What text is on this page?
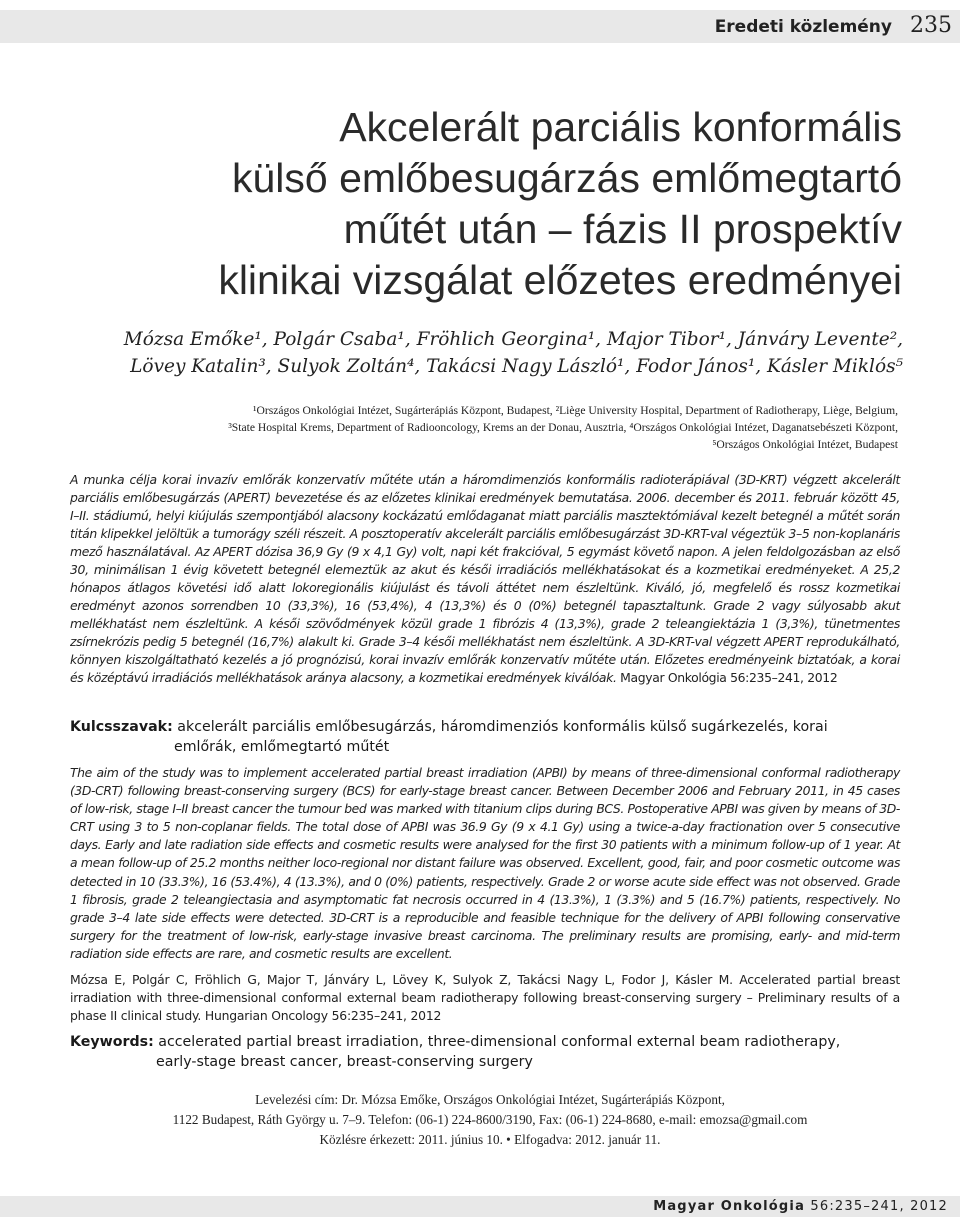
Eredeti közlemény 235
Akcelerált parciális konformális
külső emlőbesugárzás emlőmegtartó
műtét után – fázis II prospektív
klinikai vizsgálat előzetes eredményei
Mózsa Emőke¹, Polgár Csaba¹, Fröhlich Georgina¹, Major Tibor¹, Jánváry Levente²,
Lövey Katalin³, Sulyok Zoltán⁴, Takácsi Nagy László¹, Fodor János¹, Kásler Miklós⁵
¹Országos Onkológiai Intézet, Sugárterápiás Központ, Budapest, ²Liège University Hospital, Department of Radiotherapy, Liège, Belgium,
³State Hospital Krems, Department of Radiooncology, Krems an der Donau, Ausztria, ⁴Országos Onkológiai Intézet, Daganatsebészeti Központ,
⁵Országos Onkológiai Intézet, Budapest
A munka célja korai invazív emlőrák konzervatív műtéte után a háromdimenziós konformális radioterápiával (3D-KRT) végzett akcelerált parciális emlőbesugárzás (APERT) bevezetése és az előzetes klinikai eredmények bemutatása. 2006. december és 2011. február között 45, I–II. stádiumú, helyi kiújulás szempontjából alacsony kockázatú emlődaganat miatt parciális masztektómiával kezelt betegnél a műtét során titán klipekkel jelöltük a tumorágy széli részeit. A posztoperatív akcelerált parciális emlőbesugárzást 3D-KRT-val végeztük 3–5 non-koplanáris mező használatával. Az APERT dózisa 36,9 Gy (9 x 4,1 Gy) volt, napi két frakcióval, 5 egymást követő napon. A jelen feldolgozásban az első 30, minimálisan 1 évig követett betegnél elemeztük az akut és késői irradiációs mellékhatásokat és a kozmetikai eredményeket. A 25,2 hónapos átlagos követési idő alatt lokoregionális kiújulást és távoli áttétet nem észleltünk. Kiváló, jó, megfelelő és rossz kozmetikai eredményt azonos sorrendben 10 (33,3%), 16 (53,4%), 4 (13,3%) és 0 (0%) betegnél tapasztaltunk. Grade 2 vagy súlyosabb akut mellékhatást nem észleltünk. A késői szövődmények közül grade 1 fibrózis 4 (13,3%), grade 2 teleangiektázia 1 (3,3%), tünetmentes zsírnekrózis pedig 5 betegnél (16,7%) alakult ki. Grade 3–4 késői mellékhatást nem észleltünk. A 3D-KRT-val végzett APERT reprodukálható, könnyen kiszolgáltatható kezelés a jó prognózisú, korai invazív emlőrák konzervatív műtéte után. Előzetes eredményeink biztatóak, a korai és középtávú irradiációs mellékhatások aránya alacsony, a kozmetikai eredmények kiválóak. Magyar Onkológia 56:235–241, 2012
Kulcsszavak: akcelerált parciális emlőbesugárzás, háromdimenziós konformális külső sugárkezelés, korai
emlőrák, emlőmegtartó műtét
The aim of the study was to implement accelerated partial breast irradiation (APBI) by means of three-dimensional conformal radiotherapy (3D-CRT) following breast-conserving surgery (BCS) for early-stage breast cancer. Between December 2006 and February 2011, in 45 cases of low-risk, stage I–II breast cancer the tumour bed was marked with titanium clips during BCS. Postoperative APBI was given by means of 3D-CRT using 3 to 5 non-coplanar fields. The total dose of APBI was 36.9 Gy (9 x 4.1 Gy) using a twice-a-day fractionation over 5 consecutive days. Early and late radiation side effects and cosmetic results were analysed for the first 30 patients with a minimum follow-up of 1 year. At a mean follow-up of 25.2 months neither loco-regional nor distant failure was observed. Excellent, good, fair, and poor cosmetic outcome was detected in 10 (33.3%), 16 (53.4%), 4 (13.3%), and 0 (0%) patients, respectively. Grade 2 or worse acute side effect was not observed. Grade 1 fibrosis, grade 2 teleangiectasia and asymptomatic fat necrosis occurred in 4 (13.3%), 1 (3.3%) and 5 (16.7%) patients, respectively. No grade 3–4 late side effects were detected. 3D-CRT is a reproducible and feasible technique for the delivery of APBI following conservative surgery for the treatment of low-risk, early-stage invasive breast carcinoma. The preliminary results are promising, early- and mid-term radiation side effects are rare, and cosmetic results are excellent.
Mózsa E, Polgár C, Fröhlich G, Major T, Jánváry L, Lövey K, Sulyok Z, Takácsi Nagy L, Fodor J, Kásler M. Accelerated partial breast irradiation with three-dimensional conformal external beam radiotherapy following breast-conserving surgery – Preliminary results of a phase II clinical study. Hungarian Oncology 56:235–241, 2012
Keywords: accelerated partial breast irradiation, three-dimensional conformal external beam radiotherapy,
early-stage breast cancer, breast-conserving surgery
Levelezési cím: Dr. Mózsa Emőke, Országos Onkológiai Intézet, Sugárterápiás Központ,
1122 Budapest, Ráth György u. 7–9. Telefon: (06-1) 224-8600/3190, Fax: (06-1) 224-8680, e-mail: emozsa@gmail.com
Közlésre érkezett: 2011. június 10. • Elfogadva: 2012. január 11.
Magyar Onkológia 56:235–241, 2012
